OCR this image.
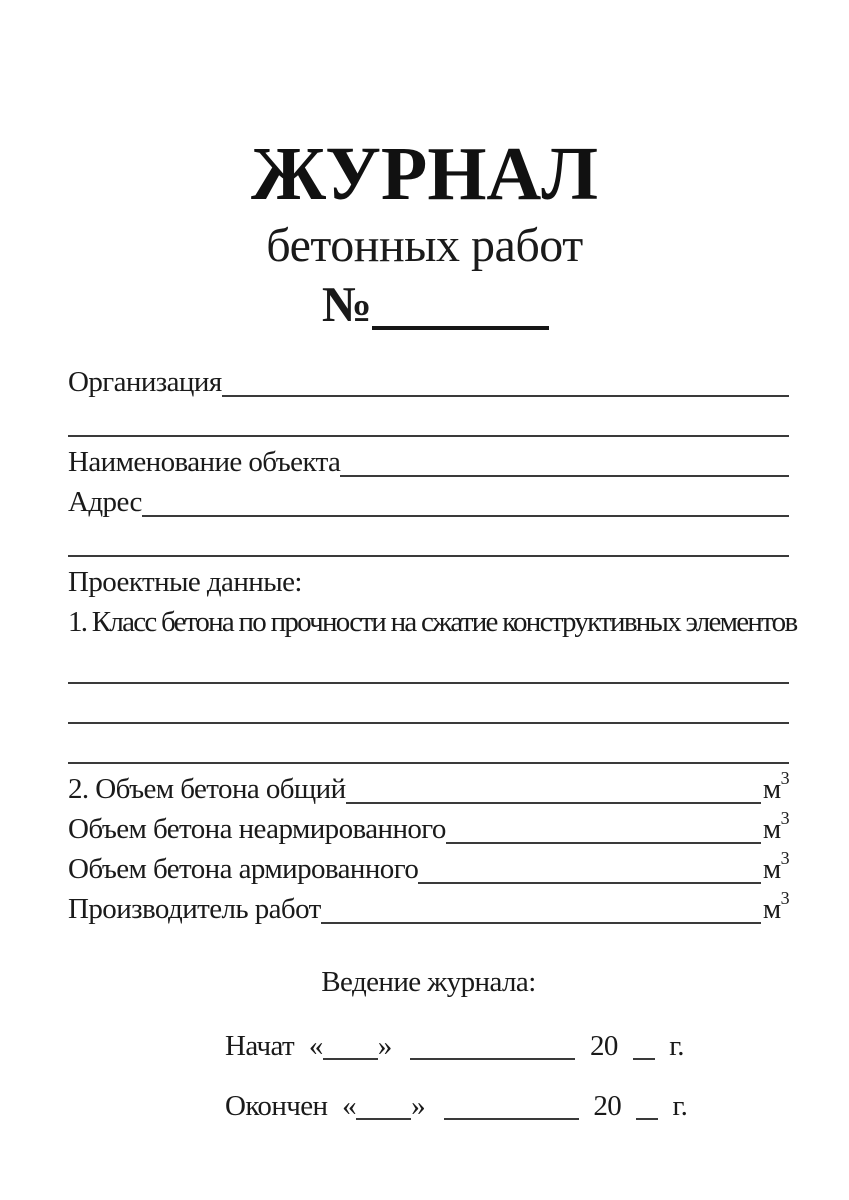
ЖУРНАЛ
бетонных работ
№
Организация
Наименование объекта
Адрес
Проектные данные:
1. Класс бетона по прочности на сжатие конструктивных элементов
2. Объем бетона общий	$м^3$
Объем бетона неармированного	$м^3$
Объем бетона армированного	$м^3$
Производитель работ	$м^3$
Ведение журнала:
Начат « »	20 г.
Окончен « »	20 г.
